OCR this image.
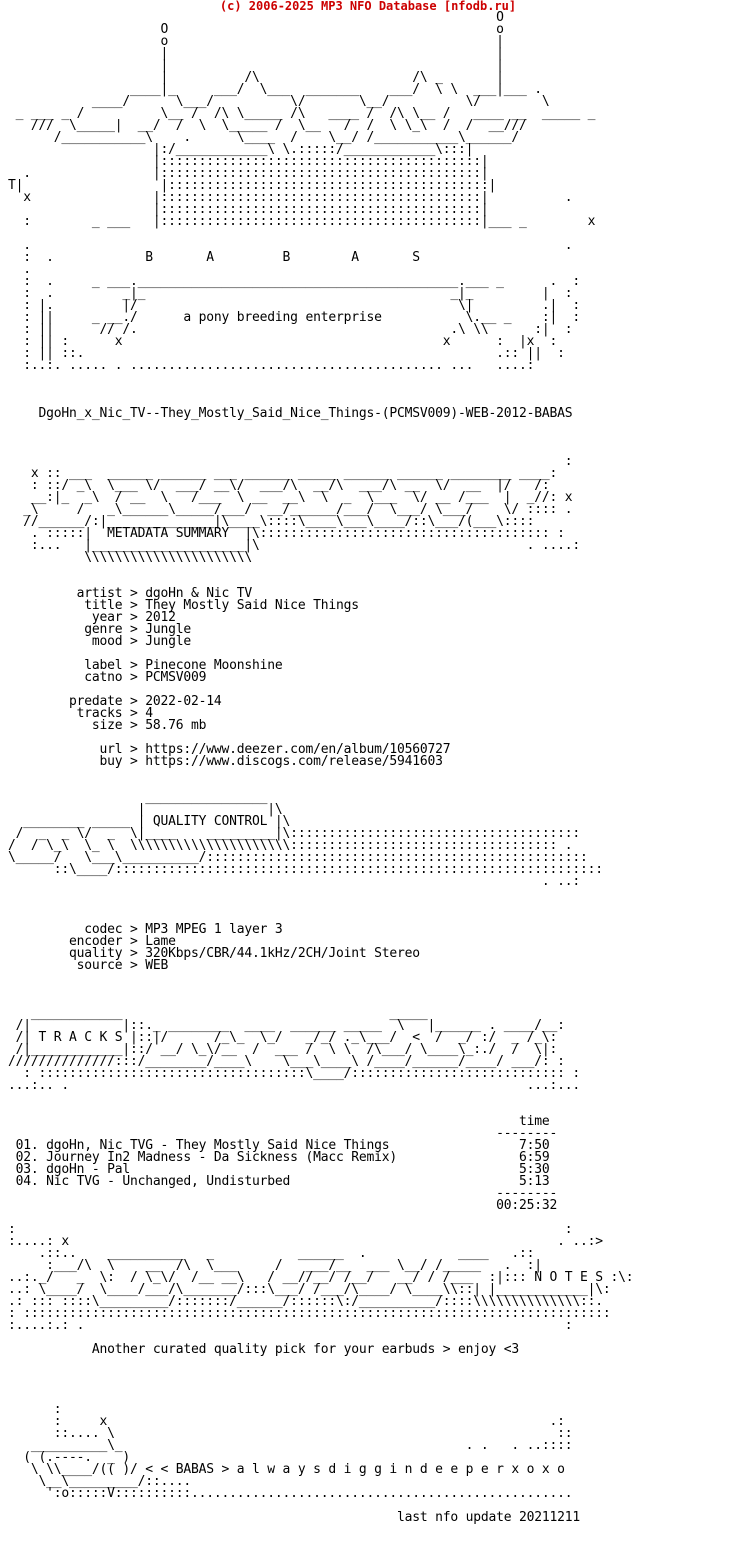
(c) 2006-2025 MP3 NFO Database [nfodb.ru]
O
O                                           o
o                                           |
|                                           |
|                                           |
|          /\                    /\ _       |
____|_     ___/  \___  _______    ___/  \ \  ___|___ .
____/      \___/          \/       \__/          \/        \
_ ___ _ /          \__ /  /\ \_____ /\   ____ /  /\ \__ /   ____ __  _____ _
///  \_____|  __/  /  \  \_____ /  \__   /  /  \ \_\  /  /  __///
/___________\    .      \____  /    \__/ /___________\______/
|:/____________\ \.:::::/____________\:::|
|::::::::::::::::::::::::::::::::::::::::::|
.                |::::::::::::::::::::::::::::::::::::::::::|
T|                  |::::::::::::::::::::::::::::::::::::::::::|
x                |::::::::::::::::::::::::::::::::::::::::::|          .
|::::::::::::::::::::::::::::::::::::::::::|
:        _ ___   |::::::::::::::::::::::::::::::::::::::::::|___ _        x
.                                                                      .
:  .            B       A         B        A       S
.
:  .     _ ___.__________________________________________.___ _      .  :
:  .         _|_                                        _|_         |  :
: |.         |/                                          \|         .|  :
: ||     _ __./      a pony breeding enterprise           \.__ _    :|  :
: ||      // /.                                         .\ \\      :|  :
: || :      x                                          x      :  |x  :
: || ::.                                                      .:: ||  :
:..:. ..... . ......................................... ...   ....:
DgoHn_x_Nic_TV--They_Mostly_Said_Nice_Things-(PCMSV009)-WEB-2012-BABAS
:
x :: ___  ______ ______ ___ ______ _____ ______ ______ ________ ____:
: ::/ _\  \___ \/  ___/ __\/  ___/\  __/\  ___/\ __  \/  __  |/   /:
__:|_  _\  / __  \   /___  \ __  __\  \  _  \___  \/ __ /___  |  _//: x
_\     /   _\______\_____/___/  __/______/___/  \___/ \___/    \/ :::: .
//______/:|______________|\____\::::\____\___\____/::\___/(___\::::
. :::::|  METADATA SUMMARY  |\:::::::::::::::::::::::::::::::::::::: :
:...   |____________________|\                                   . ....:
\\\\\\\\\\\\\\\\\\\\\\
artist > dgoHn & Nic TV
title > They Mostly Said Nice Things
year > 2012
genre > Jungle
mood > Jungle
label > Pinecone Moonshine
catno > PCMSV009
predate > 2022-02-14
tracks > 4
size > 58.76 mb
url > https://www.deezer.com/en/album/10560727
buy > https://www.discogs.com/release/5941603
________________
|                |\
________ _____ | QUALITY CONTROL |\
/  _  _ \/  _  \|____    _________|\::::::::::::::::::::::::::::::::::::::
/  / \_\  \_ \  \\\\\\\\\\\\\\\\\\\\\::::::::::::::::::::::::::::::::::: .
\_____/   \___\__________/::::::::::::::::::::::::::::::::::::::::::::::::::
::\____/::::::::::::::::::::::::::::::::::::::::::::::::::::::::::::::::
. ..:
codec > MP3 MPEG 1 layer 3
encoder > Lame
quality > 320Kbps/CBR/44.1kHz/2CH/Joint Stereo
source > WEB
____________                                   _____
/|            |::._ ________  ____  ______ _____  \   |______ . ____/__:
/| T R A C K S |::|/      /_\_  \_/   _/_/ ._\___/  <  /  _/ :/  _ /_\:
/|____________|::/ __/ \_\/__  /  ___ /  \ \  /\___/ \____\_:./  /  \|:
//////////////:::/________/____\    \___\____\ /____/______/____/ ___/: :
: :::::::::::::::::::::::::::::::::::\____/:::::::::::::::::::::::::::: :
...:.. .                                                            ...:...
time
--------
01. dgoHn, Nic TVG - They Mostly Said Nice Things                 7:50
02. Journey In2 Madness - Da Sickness (Macc Remix)                6:59
03. dgoHn - Pal                                                   5:30
04. Nic TVG - Unchanged, Undisturbed                              5:13
--------
00:25:32
:                                                                        :
:....: x                                                                . ..:>
.::..    __________   _           ______  .            ____   .::
:___/\  \    __  /\  \___     /   ___/__  ___ \__/ /_____   .  :|
..:._/   _  \:  / \_\/  /__ __\   / __//__/ /__/   __/ / /___  :|::: N O T E S :\:
..: \____/  \____/___/\_______/:::\___/ /___/\____/ \____\\::| |____________|\:
.: ::: ::::\_________/:::::::/______/::::::\:/__________/::::\\\\\\\\\\\\\\::.
: :::::::::::::::::::::::::::::::::::::::::::::::::::::::::::::::::::::::::::::
:....:.: .                                                               :
Another curated quality pick for your earbuds > enjoy <3
:
:     x                                                          .:
::.... \                                                          ::
__________\_                                             . .   . ..::::
( (.----.  _ )
\ \\____/(( )/ < < BABAS > a l w a y s d i g g i n d e e p e r x o x o
\__\_________/::....
':o:::::V::::::::::..................................................
last nfo update 20211211
